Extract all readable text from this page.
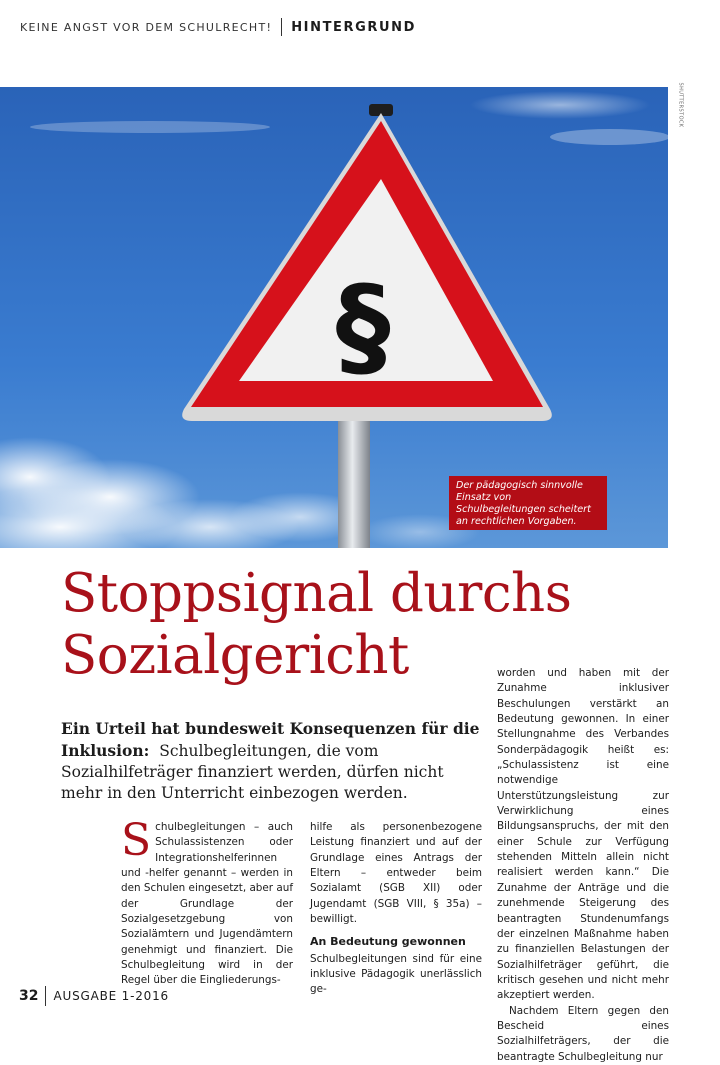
KEINE ANGST VOR DEM SCHULRECHT! HINTERGRUND
§
SHUTTERSTOCK
Der pädagogisch sinnvolle Einsatz von Schulbegleitungen scheitert an rechtlichen Vorgaben.
Stoppsignal durchs
Sozialgericht
Ein Urteil hat bundesweit Konsequenzen für die Inklusion: Schulbegleitungen, die vom Sozialhilfeträger finanziert werden, dürfen nicht mehr in den Unterricht einbezogen werden.

Schulbegleitungen – auch Schulassistenzen oder Integrationshelferinnen und -helfer genannt – werden in den Schulen eingesetzt, aber auf der Grundlage der Sozialgesetzgebung von Sozialämtern und Jugendämtern genehmigt und finanziert. Die Schulbegleitung wird in der Regel über die Eingliederungs-

hilfe als personenbezogene Leistung finanziert und auf der Grundlage eines Antrags der Eltern – entweder beim Sozialamt (SGB XII) oder Jugendamt (SGB VIII, § 35a) – bewilligt.

An Bedeutung gewonnen

Schulbegleitungen sind für eine inklusive Pädagogik unerlässlich ge-

worden und haben mit der Zunahme inklusiver Beschulungen verstärkt an Bedeutung gewonnen. In einer Stellungnahme des Verbandes Sonderpädagogik heißt es: „Schulassistenz ist eine notwendige Unterstützungsleistung zur Verwirklichung eines Bildungsanspruchs, der mit den einer Schule zur Verfügung stehenden Mitteln allein nicht realisiert werden kann.“ Die Zunahme der Anträge und die zunehmende Steigerung des beantragten Stundenumfangs der einzelnen Maßnahme haben zu finanziellen Belastungen der Sozialhilfeträger geführt, die kritisch gesehen und nicht mehr akzeptiert werden.

Nachdem Eltern gegen den Bescheid eines Sozialhilfeträgers, der die beantragte Schulbegleitung nur

32 AUSGABE 1-2016
